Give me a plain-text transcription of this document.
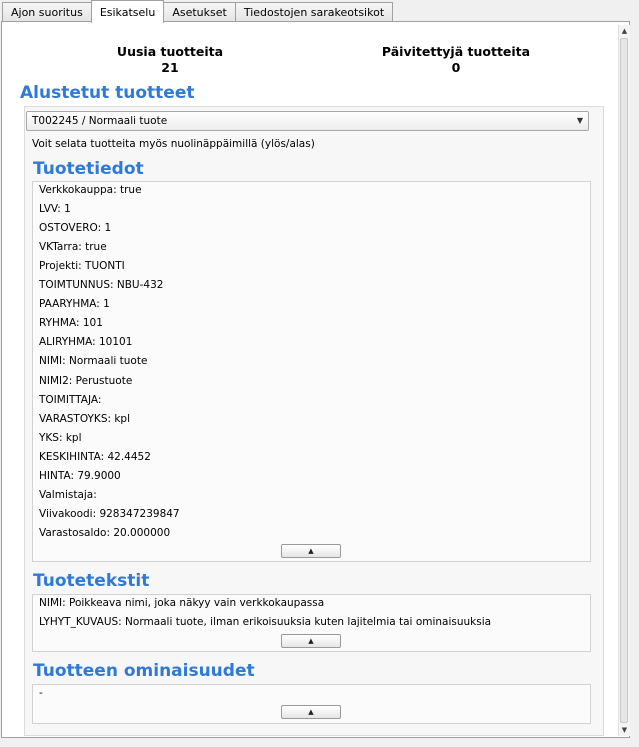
Ajon suoritus	Esikatselu	Asetukset	Tiedostojen sarakeotsikot
Uusia tuotteita
21
Päivitettyjä tuotteita
0
Alustetut tuotteet
T002245 / Normaali tuote	▼
Voit selata tuotteita myös nuolinäppäimillä (ylös/alas)
Tuotetiedot
Verkkokauppa: true
LVV: 1
OSTOVERO: 1
VKTarra: true
Projekti: TUONTI
TOIMTUNNUS: NBU-432
PAARYHMA: 1
RYHMA: 101
ALIRYHMA: 10101
NIMI: Normaali tuote
NIMI2: Perustuote
TOIMITTAJA:
VARASTOYKS: kpl
YKS: kpl
KESKIHINTA: 42.4452
HINTA: 79.9000
Valmistaja:
Viivakoodi: 928347239847
Varastosaldo: 20.000000
▲
Tuotetekstit
NIMI: Poikkeava nimi, joka näkyy vain verkkokaupassa
LYHYT_KUVAUS: Normaali tuote, ilman erikoisuuksia kuten lajitelmia tai ominaisuuksia
▲
Tuotteen ominaisuudet
-
▲
▲
▼
